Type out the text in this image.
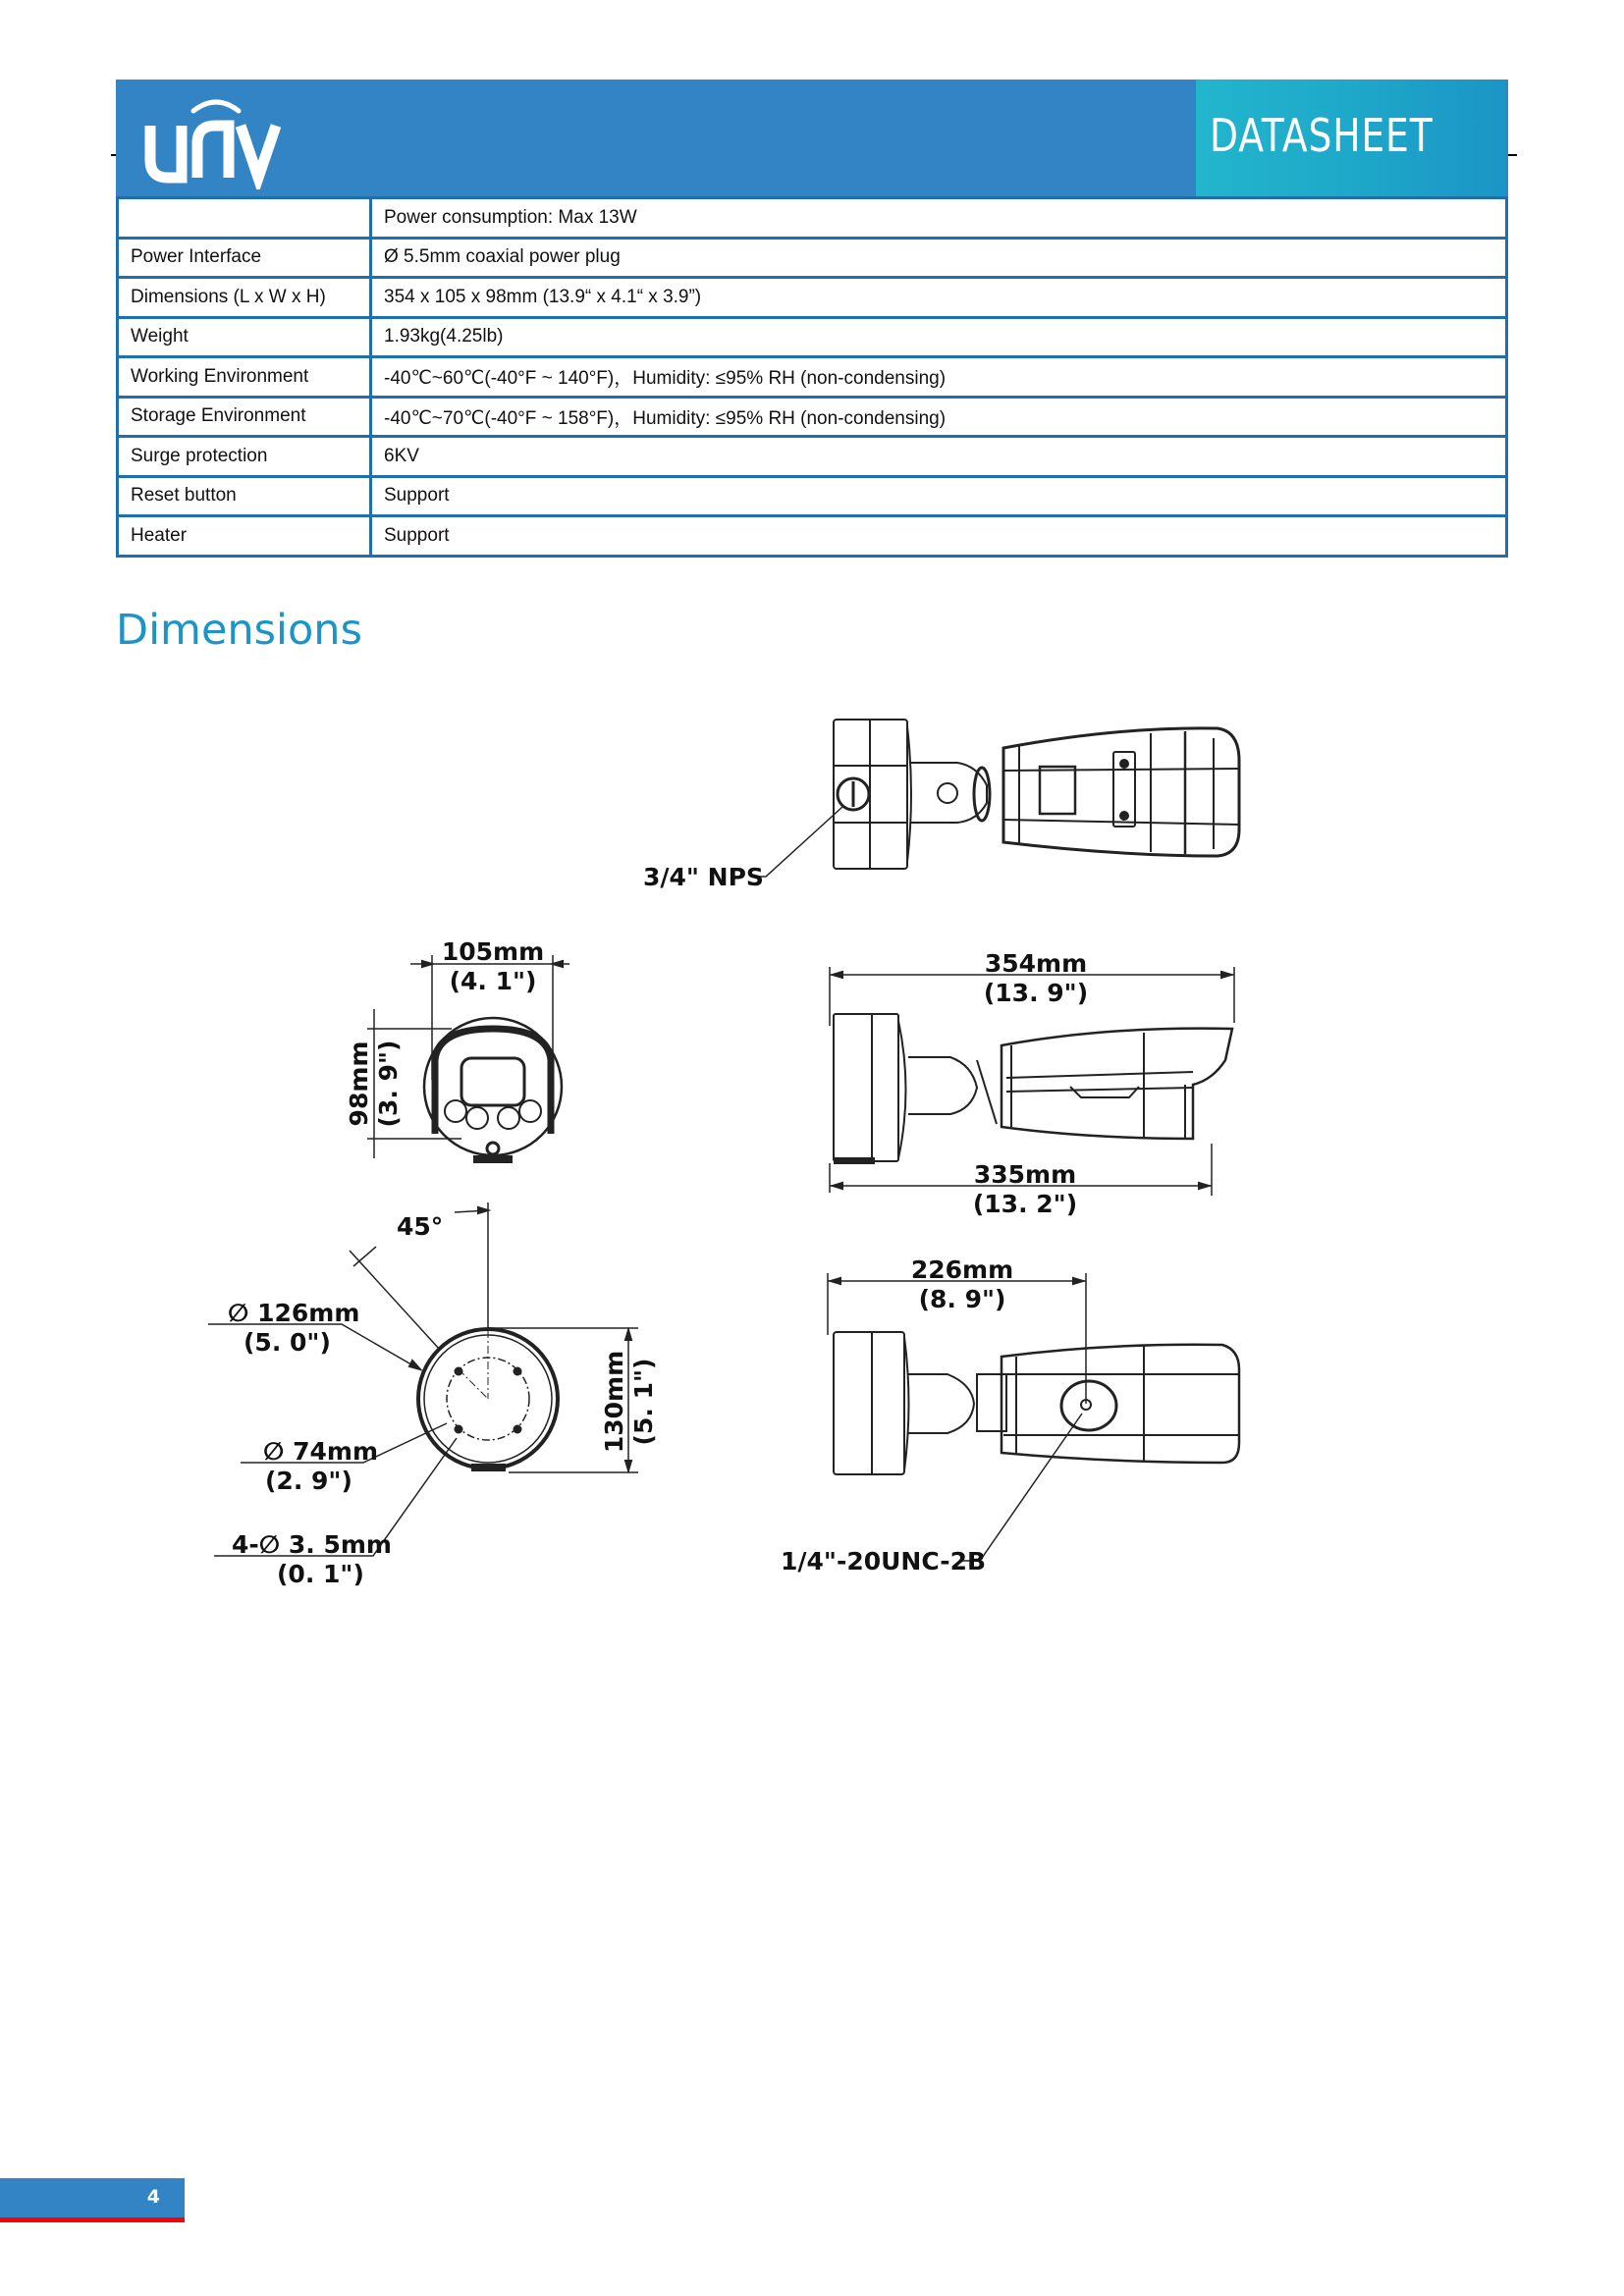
DATASHEET
	Power consumption: Max 13W
Power Interface	Ø 5.5mm coaxial power plug
Dimensions (L x W x H)	354 x 105 x 98mm (13.9“ x 4.1“ x 3.9”)
Weight	1.93kg(4.25lb)
Working Environment	-40℃~60℃(-40°F ~ 140°F)，Humidity: ≤95% RH (non-condensing)
Storage Environment	-40℃~70℃(-40°F ~ 158°F)，Humidity: ≤95% RH (non-condensing)
Surge protection	6KV
Reset button	Support
Heater	Support
Dimensions
3/4" NPS
105mm
(4. 1")
98mm (3. 9")
354mm
(13. 9")
335mm
(13. 2")
45°
∅ 126mm
(5. 0")
∅ 74mm
(2. 9")
4-∅ 3. 5mm
(0. 1")
130mm (5. 1")
226mm
(8. 9")
1/4"-20UNC-2B
4
